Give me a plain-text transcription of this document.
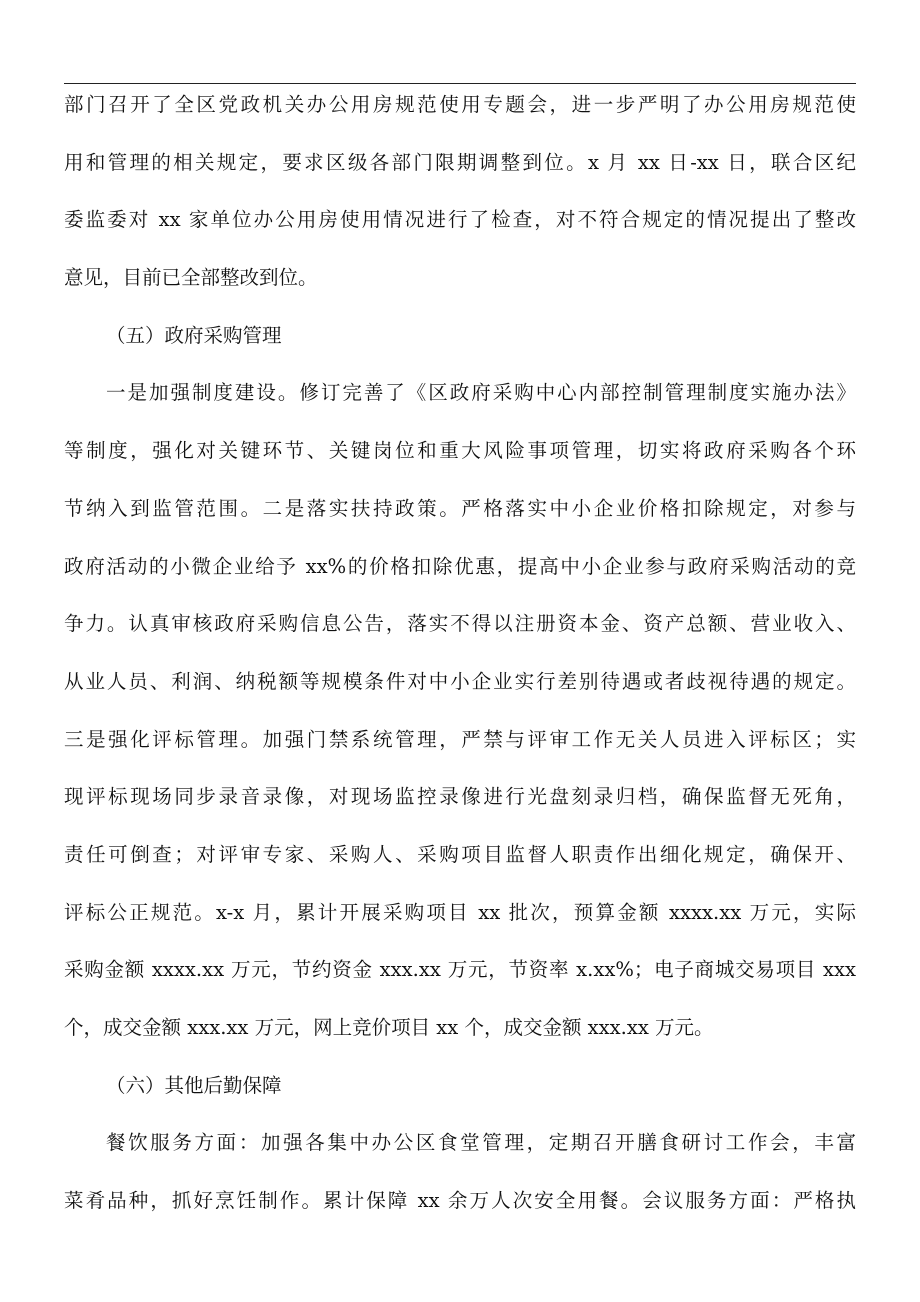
部门召开了全区党政机关办公用房规范使用专题会，进一步严明了办公用房规范使
用和管理的相关规定，要求区级各部门限期调整到位。x 月 xx 日-xx 日，联合区纪
委监委对 xx 家单位办公用房使用情况进行了检查，对不符合规定的情况提出了整改
意见，目前已全部整改到位。
（五）政府采购管理
一是加强制度建设。修订完善了《区政府采购中心内部控制管理制度实施办法》
等制度，强化对关键环节、关键岗位和重大风险事项管理，切实将政府采购各个环
节纳入到监管范围。二是落实扶持政策。严格落实中小企业价格扣除规定，对参与
政府活动的小微企业给予 xx%的价格扣除优惠，提高中小企业参与政府采购活动的竞
争力。认真审核政府采购信息公告，落实不得以注册资本金、资产总额、营业收入、
从业人员、利润、纳税额等规模条件对中小企业实行差别待遇或者歧视待遇的规定。
三是强化评标管理。加强门禁系统管理，严禁与评审工作无关人员进入评标区；实
现评标现场同步录音录像，对现场监控录像进行光盘刻录归档，确保监督无死角，
责任可倒查；对评审专家、采购人、采购项目监督人职责作出细化规定，确保开、
评标公正规范。x-x 月，累计开展采购项目 xx 批次，预算金额 xxxx.xx 万元，实际
采购金额 xxxx.xx 万元，节约资金 xxx.xx 万元，节资率 x.xx%；电子商城交易项目 xxx
个，成交金额 xxx.xx 万元，网上竞价项目 xx 个，成交金额 xxx.xx 万元。
（六）其他后勤保障
餐饮服务方面：加强各集中办公区食堂管理，定期召开膳食研讨工作会，丰富
菜肴品种，抓好烹饪制作。累计保障 xx 余万人次安全用餐。会议服务方面：严格执
